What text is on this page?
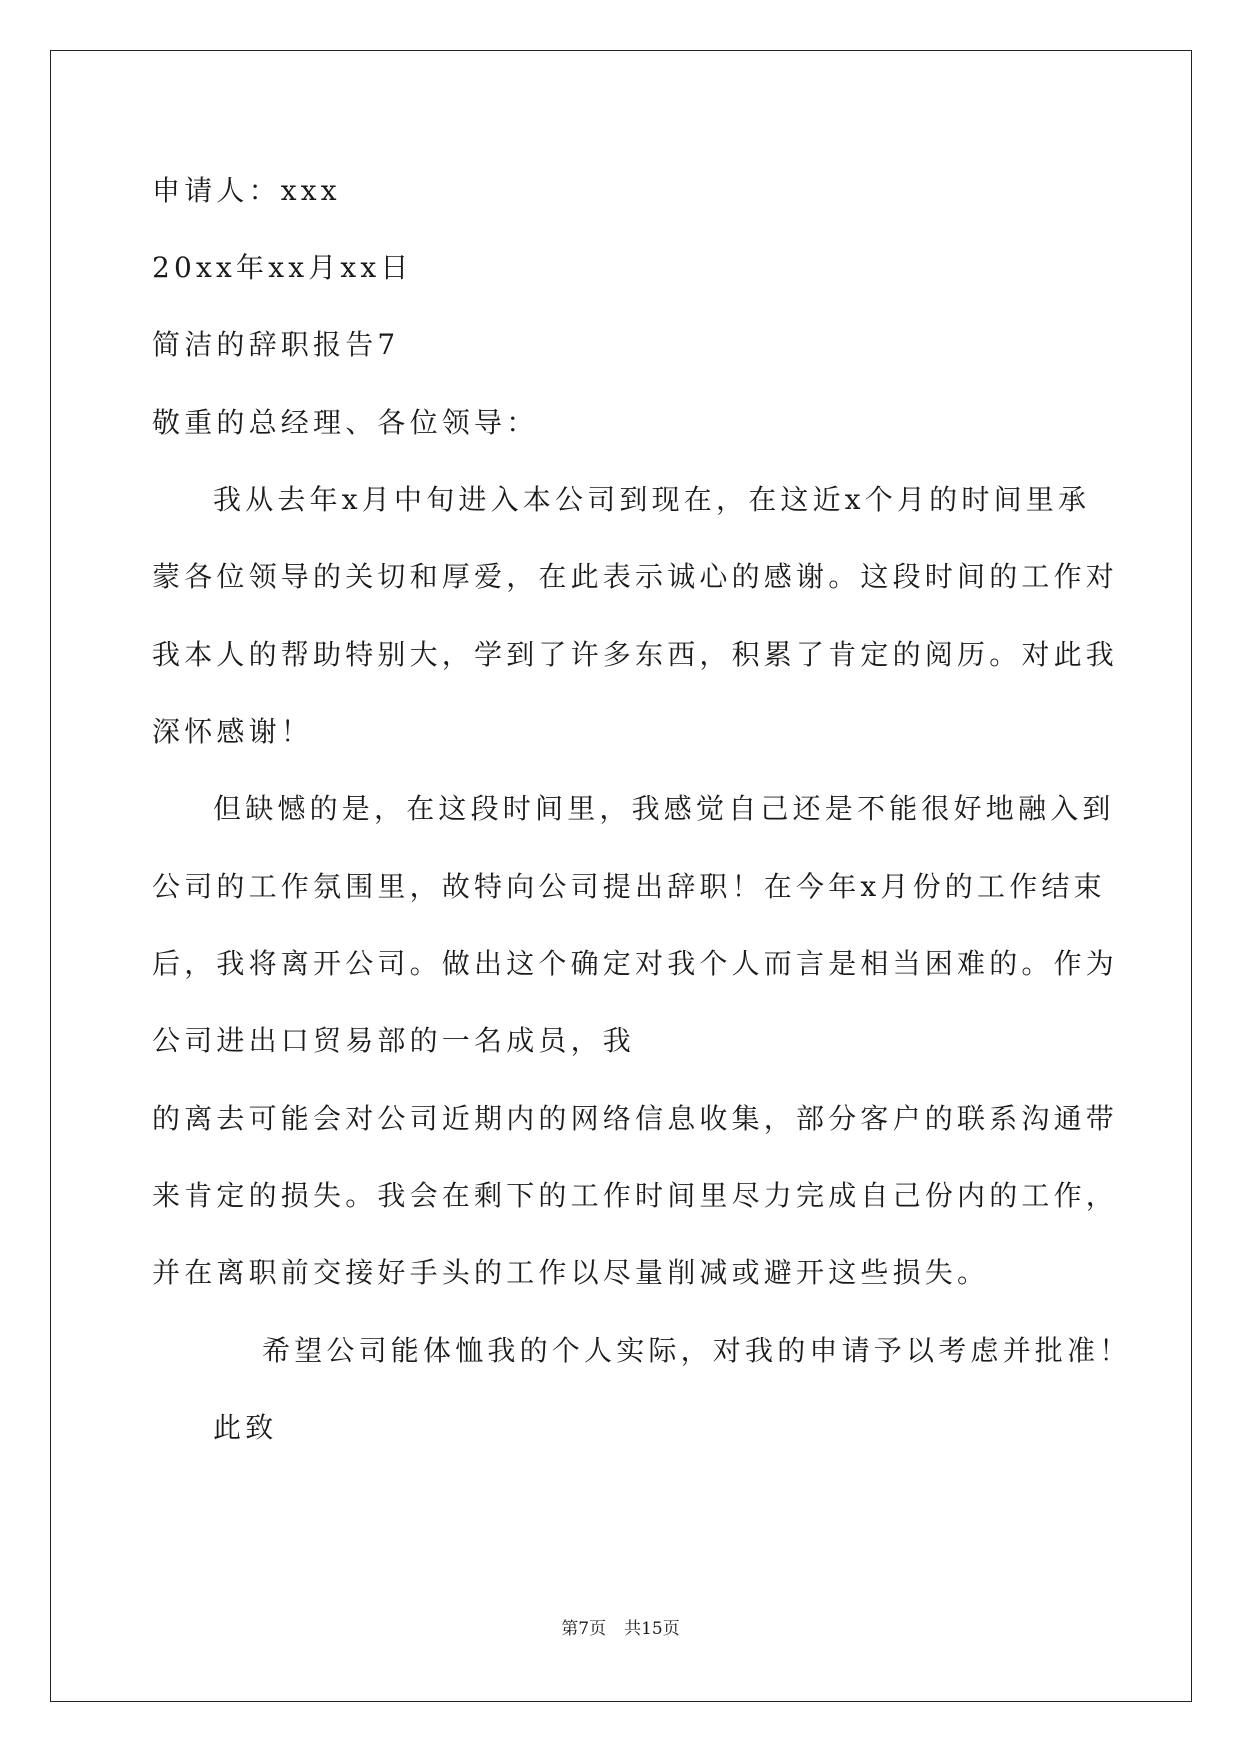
申请人：xxx
20xx年xx月xx日
简洁的辞职报告7
敬重的总经理、各位领导：
我从去年x月中旬进入本公司到现在，在这近x个月的时间里承
蒙各位领导的关切和厚爱，在此表示诚心的感谢。这段时间的工作对
我本人的帮助特别大，学到了许多东西，积累了肯定的阅历。对此我
深怀感谢！
但缺憾的是，在这段时间里，我感觉自己还是不能很好地融入到
公司的工作氛围里，故特向公司提出辞职！在今年x月份的工作结束
后，我将离开公司。做出这个确定对我个人而言是相当困难的。作为
公司进出口贸易部的一名成员，我
的离去可能会对公司近期内的网络信息收集，部分客户的联系沟通带
来肯定的损失。我会在剩下的工作时间里尽力完成自己份内的工作，
并在离职前交接好手头的工作以尽量削减或避开这些损失。
希望公司能体恤我的个人实际，对我的申请予以考虑并批准！
此致
第7页 共15页
